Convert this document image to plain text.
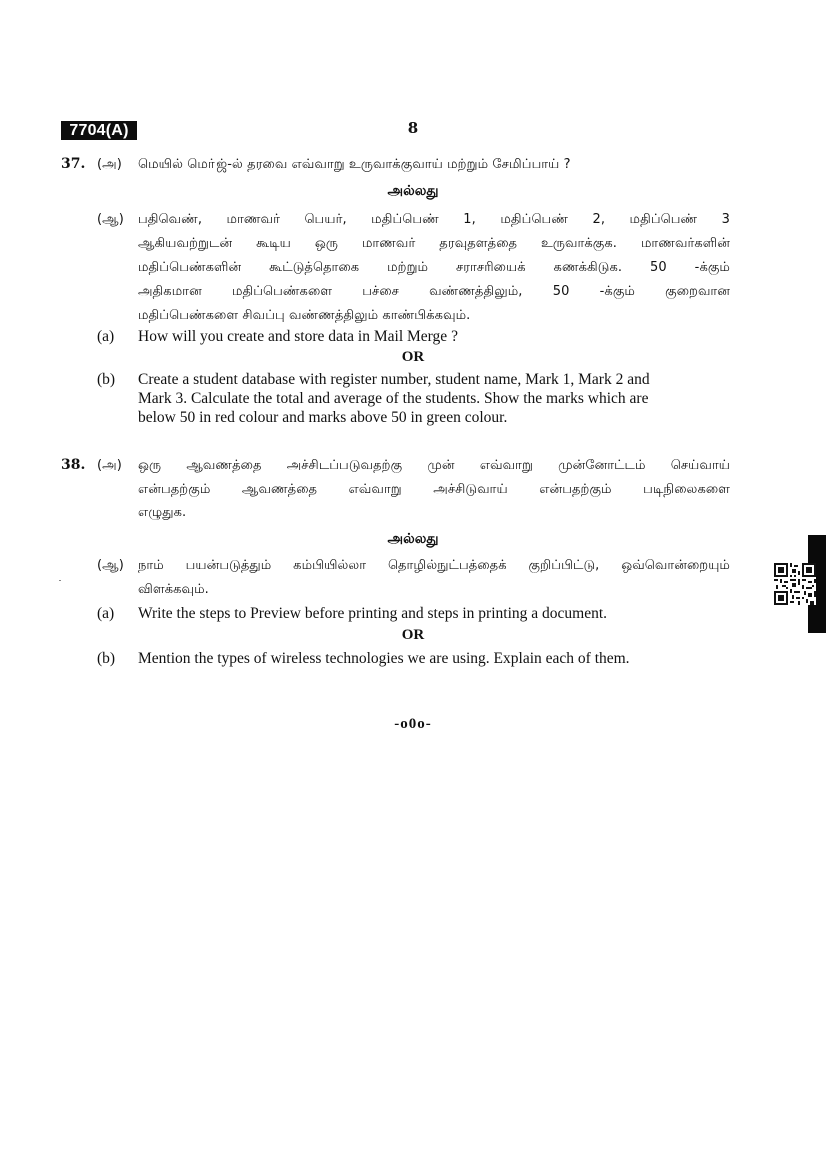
7704(A)	8
37. (அ) மெயில் மொ்ஜ்-ல் தரவை எவ்வாறு உருவாக்குவாய் மற்றும் சேமிப்பாய் ?
அல்லது
(ஆ) பதிவெண், மாணவர் பெயர், மதிப்பெண் 1, மதிப்பெண் 2, மதிப்பெண் 3
ஆகியவற்றுடன் கூடிய ஒரு மாணவர் தரவுதளத்தை உருவாக்குக. மாணவர்களின்
மதிப்பெண்களின் கூட்டுத்தொகை மற்றும் சராசரியைக் கணக்கிடுக. 50 -க்கும்
அதிகமான மதிப்பெண்களை பச்சை வண்ணத்திலும், 50 -க்கும் குறைவான
மதிப்பெண்களை சிவப்பு வண்ணத்திலும் காண்பிக்கவும்.
(a) How will you create and store data in Mail Merge ?
OR
(b) Create a student database with register number, student name, Mark 1, Mark 2 and
Mark 3. Calculate the total and average of the students. Show the marks which are
below 50 in red colour and marks above 50 in green colour.
38. (அ) ஒரு ஆவணத்தை அச்சிடப்படுவதற்கு முன் எவ்வாறு முன்னோட்டம் செய்வாய்
என்பதற்கும் ஆவணத்தை எவ்வாறு அச்சிடுவாய் என்பதற்கும் படிநிலைகளை
எழுதுக.
அல்லது
(ஆ) நாம் பயன்படுத்தும் கம்பியில்லா தொழில்நுட்பத்தைக் குறிப்பிட்டு, ஒவ்வொன்றையும்
விளக்கவும்.
(a) Write the steps to Preview before printing and steps in printing a document.
OR
(b) Mention the types of wireless technologies we are using. Explain each of them.
-o0o-
